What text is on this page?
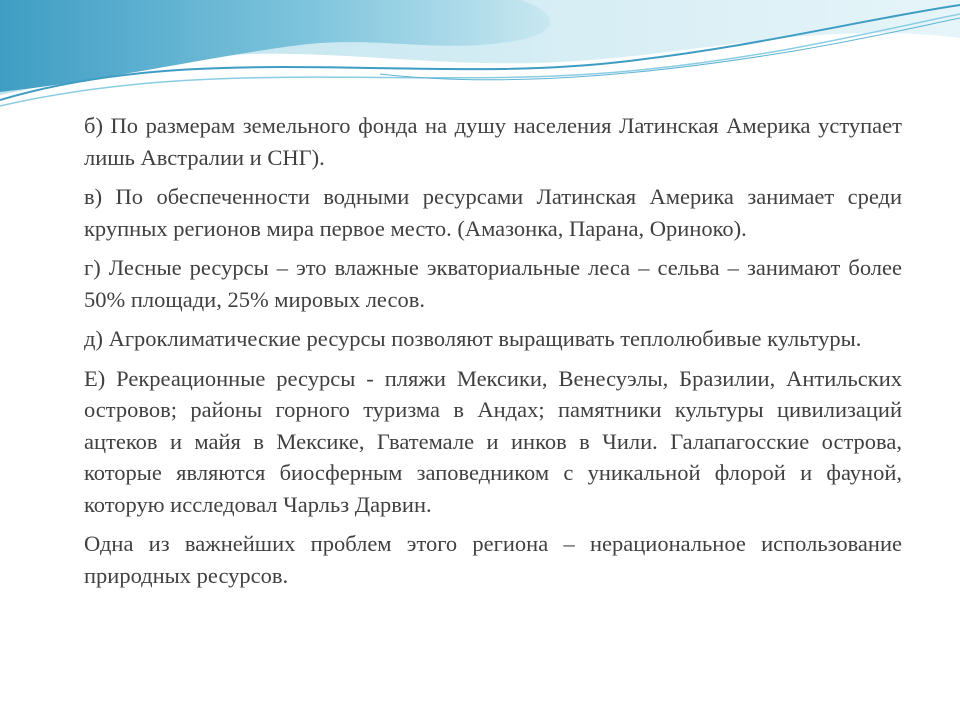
б) По размерам земельного фонда на душу населения Латинская Америка уступает лишь Австралии и СНГ).

в) По обеспеченности водными ресурсами Латинская Америка занимает среди крупных регионов мира первое место. (Амазонка, Парана, Ориноко).

г) Лесные ресурсы – это влажные экваториальные леса – сельва – занимают более 50% площади, 25% мировых лесов.

д) Агроклиматические ресурсы позволяют выращивать теплолюбивые культуры.

Е) Рекреационные ресурсы - пляжи Мексики, Венесуэлы, Бразилии, Антильских островов; районы горного туризма в Андах; памятники культуры цивилизаций ацтеков и майя в Мексике, Гватемале и инков в Чили. Галапагосские острова, которые являются биосферным заповедником с уникальной флорой и фауной, которую исследовал Чарльз Дарвин.

Одна из важнейших проблем этого региона – нерациональное использование природных ресурсов.
